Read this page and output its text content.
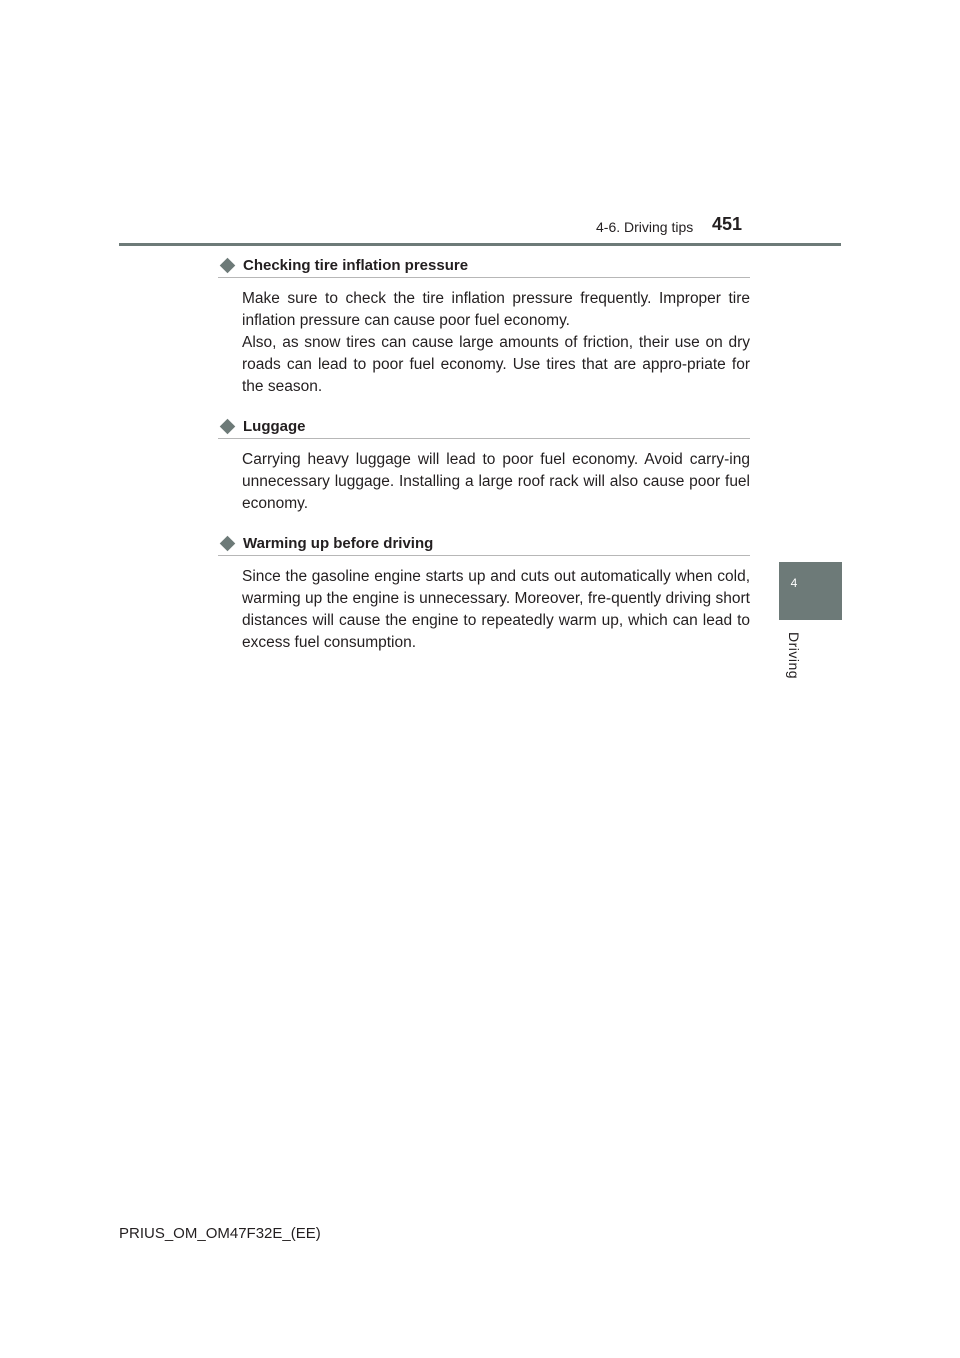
4-6. Driving tips 451
4
Driving
Checking tire inflation pressure

Make sure to check the tire inflation pressure frequently. Improper tire inflation pressure can cause poor fuel economy.

Also, as snow tires can cause large amounts of friction, their use on dry roads can lead to poor fuel economy. Use tires that are appro-priate for the season.

Luggage

Carrying heavy luggage will lead to poor fuel economy. Avoid carry-ing unnecessary luggage. Installing a large roof rack will also cause poor fuel economy.

Warming up before driving

Since the gasoline engine starts up and cuts out automatically when cold, warming up the engine is unnecessary. Moreover, fre-quently driving short distances will cause the engine to repeatedly warm up, which can lead to excess fuel consumption.

PRIUS_OM_OM47F32E_(EE)
